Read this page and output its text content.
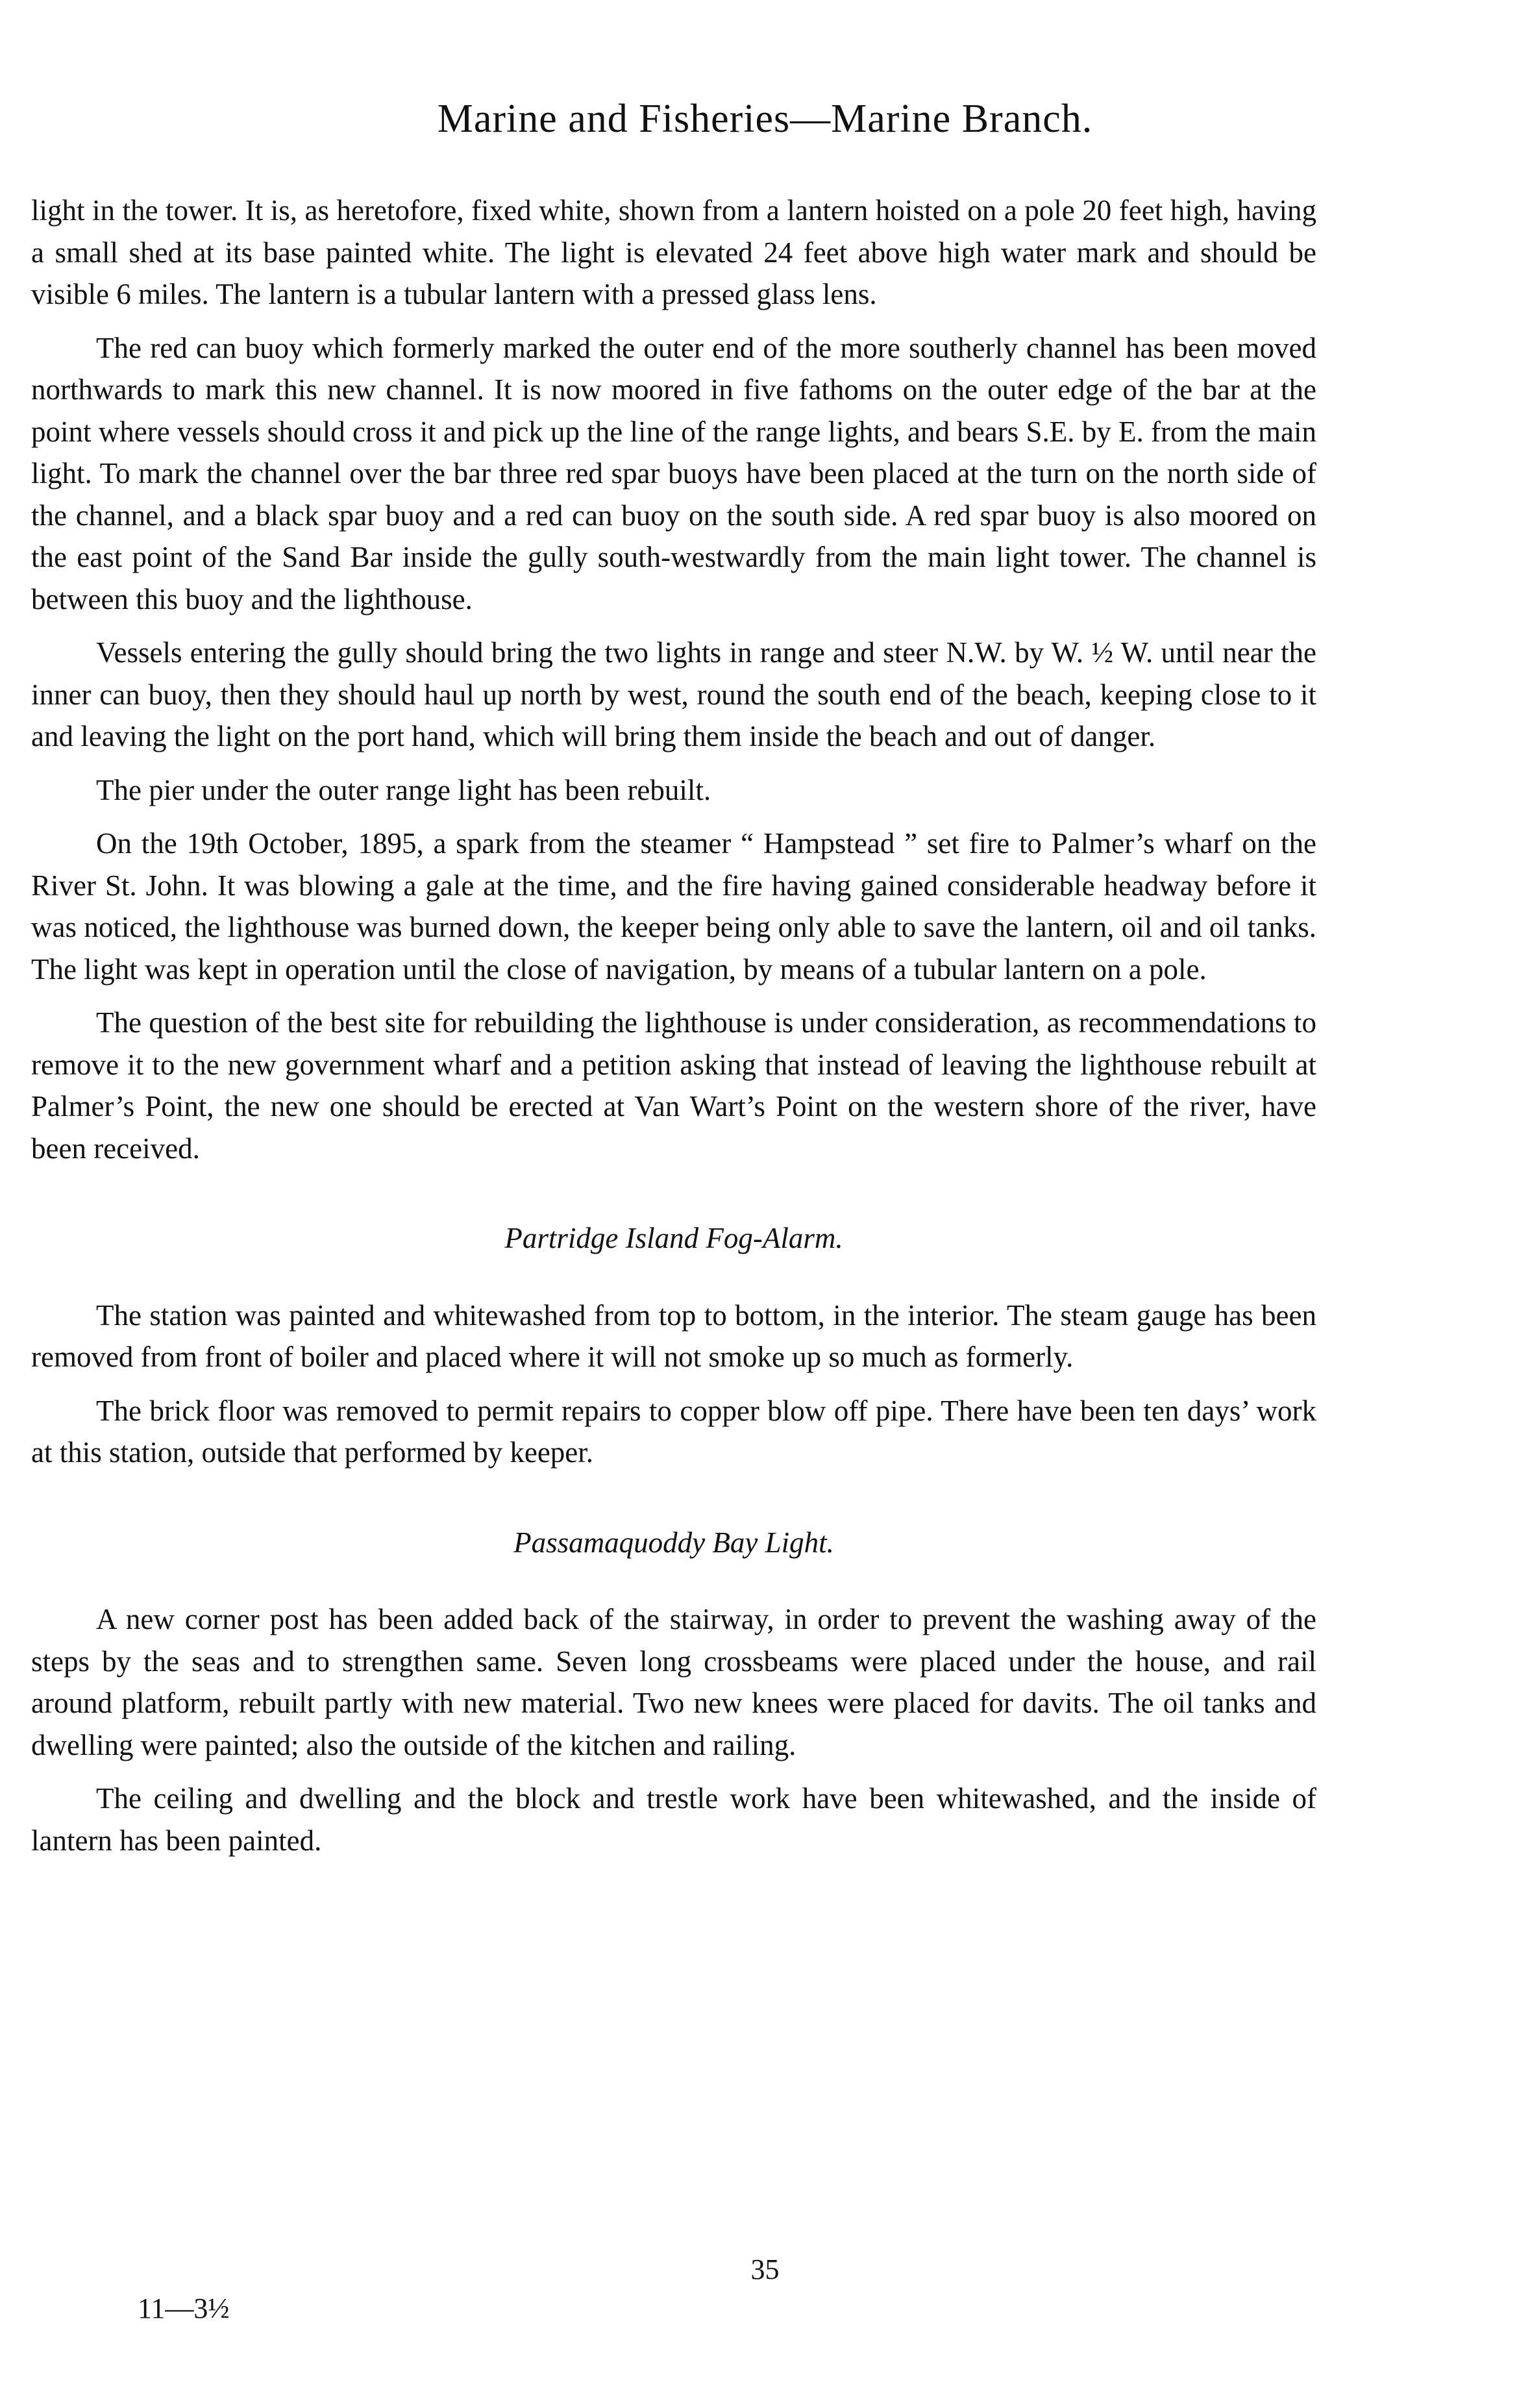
Marine and Fisheries—Marine Branch.

light in the tower. It is, as heretofore, fixed white, shown from a lantern hoisted on a pole 20 feet high, having a small shed at its base painted white. The light is elevated 24 feet above high water mark and should be visible 6 miles. The lantern is a tubular lantern with a pressed glass lens.

The red can buoy which formerly marked the outer end of the more southerly channel has been moved northwards to mark this new channel. It is now moored in five fathoms on the outer edge of the bar at the point where vessels should cross it and pick up the line of the range lights, and bears S.E. by E. from the main light. To mark the channel over the bar three red spar buoys have been placed at the turn on the north side of the channel, and a black spar buoy and a red can buoy on the south side. A red spar buoy is also moored on the east point of the Sand Bar inside the gully south-westwardly from the main light tower. The channel is between this buoy and the lighthouse.

Vessels entering the gully should bring the two lights in range and steer N.W. by W. ½ W. until near the inner can buoy, then they should haul up north by west, round the south end of the beach, keeping close to it and leaving the light on the port hand, which will bring them inside the beach and out of danger.

The pier under the outer range light has been rebuilt.

On the 19th October, 1895, a spark from the steamer “ Hampstead ” set fire to Palmer’s wharf on the River St. John. It was blowing a gale at the time, and the fire having gained considerable headway before it was noticed, the lighthouse was burned down, the keeper being only able to save the lantern, oil and oil tanks. The light was kept in operation until the close of navigation, by means of a tubular lantern on a pole.

The question of the best site for rebuilding the lighthouse is under consideration, as recommendations to remove it to the new government wharf and a petition asking that instead of leaving the lighthouse rebuilt at Palmer’s Point, the new one should be erected at Van Wart’s Point on the western shore of the river, have been received.

Partridge Island Fog-Alarm.

The station was painted and whitewashed from top to bottom, in the interior. The steam gauge has been removed from front of boiler and placed where it will not smoke up so much as formerly.

The brick floor was removed to permit repairs to copper blow off pipe. There have been ten days’ work at this station, outside that performed by keeper.

Passamaquoddy Bay Light.

A new corner post has been added back of the stairway, in order to prevent the washing away of the steps by the seas and to strengthen same. Seven long crossbeams were placed under the house, and rail around platform, rebuilt partly with new material. Two new knees were placed for davits. The oil tanks and dwelling were painted; also the outside of the kitchen and railing.

The ceiling and dwelling and the block and trestle work have been whitewashed, and the inside of lantern has been painted.

35
11—3½
